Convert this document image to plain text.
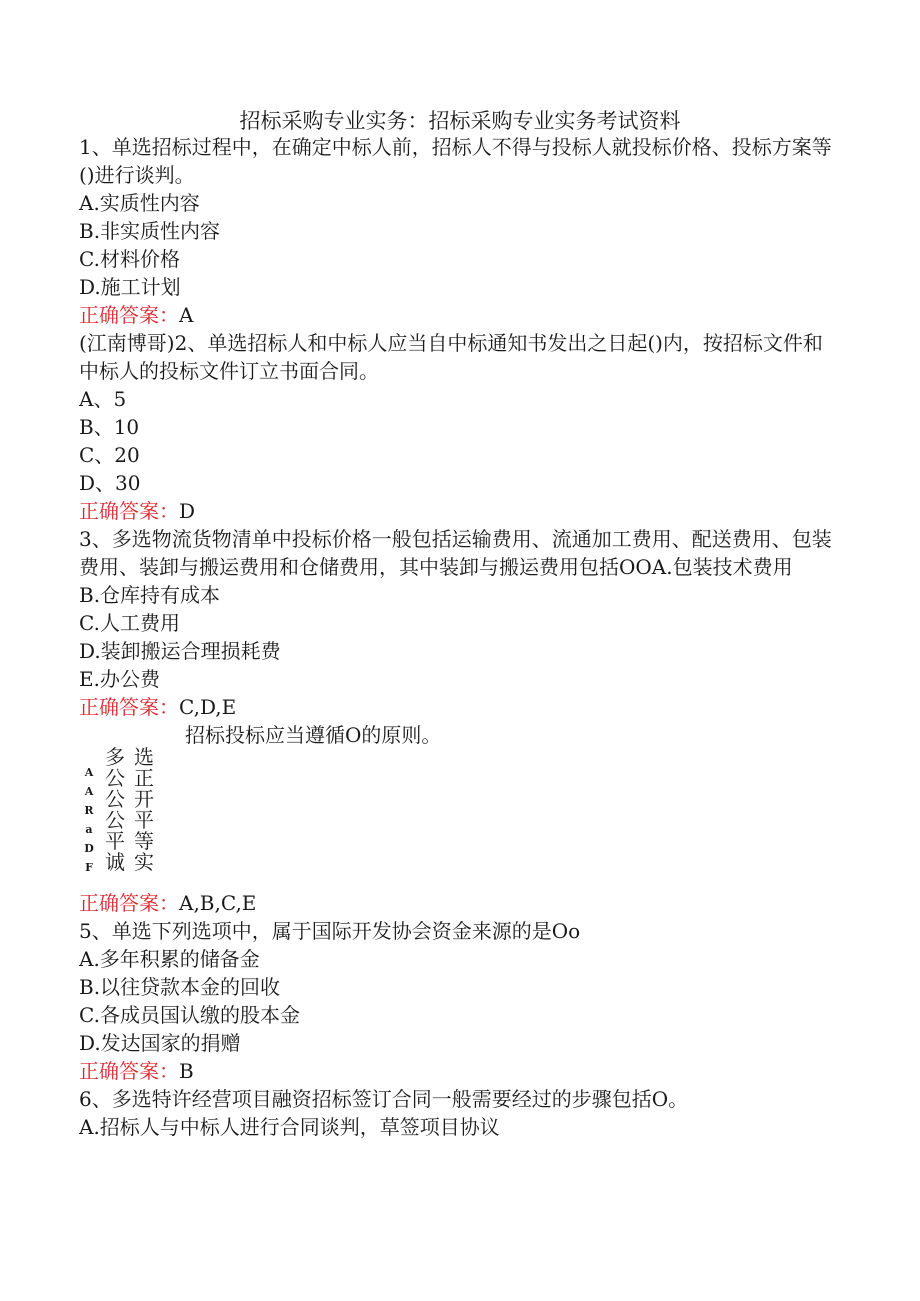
招标采购专业实务：招标采购专业实务考试资料

1、单选招标过程中，在确定中标人前，招标人不得与投标人就投标价格、投标方案等()进行谈判。

A.实质性内容

B.非实质性内容

C.材料价格

D.施工计划

正确答案：A

(江南博哥)2、单选招标人和中标人应当自中标通知书发出之日起()内，按招标文件和中标人的投标文件订立书面合同。

A、5

B、10

C、20

D、30

正确答案：D

3、多选物流货物清单中投标价格一般包括运输费用、流通加工费用、配送费用、包装费用、装卸与搬运费用和仓储费用，其中装卸与搬运费用包括OOA.包装技术费用

B.仓库持有成本

C.人工费用

D.装卸搬运合理损耗费

E.办公费

正确答案：C,D,E

招标投标应当遵循O的原则。
A
A
R
a
D
F
多
公
公
公
平
诚
选
正
开
平
等
实

正确答案：A,B,C,E

5、单选下列选项中，属于国际开发协会资金来源的是Oo

A.多年积累的储备金

B.以往贷款本金的回收

C.各成员国认缴的股本金

D.发达国家的捐赠

正确答案：B

6、多选特许经营项目融资招标签订合同一般需要经过的步骤包括O。

A.招标人与中标人进行合同谈判，草签项目协议
